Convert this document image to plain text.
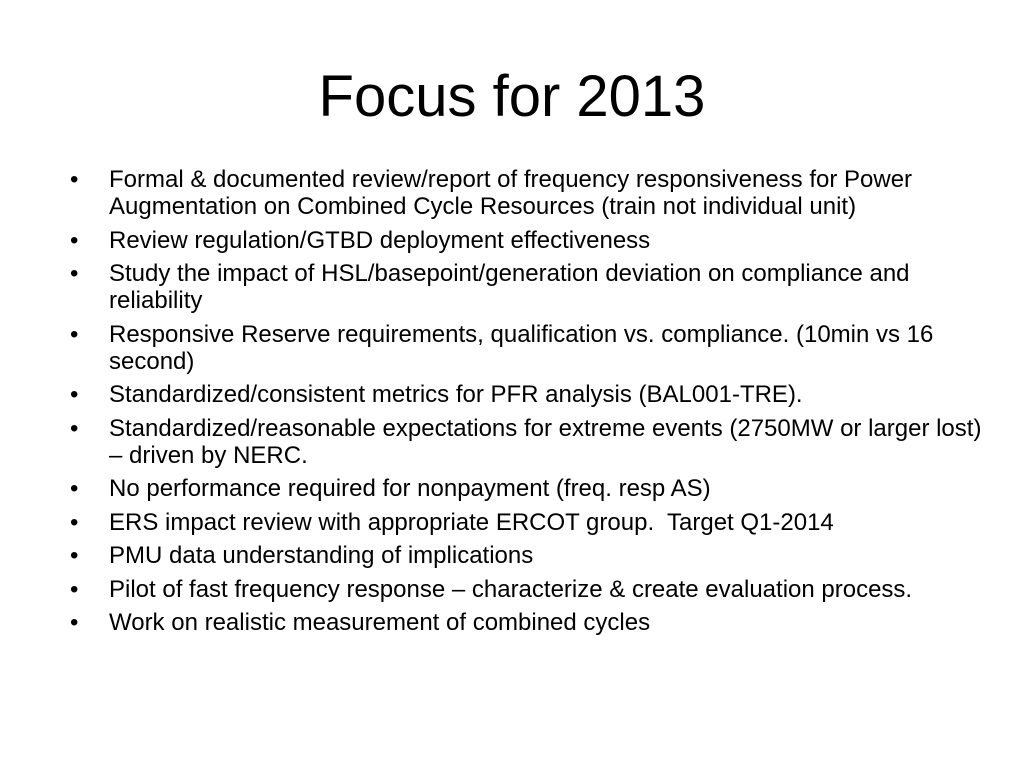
Focus for 2013
•	Formal & documented review/report of frequency responsiveness for Power Augmentation on Combined Cycle Resources (train not individual unit)
•	Review regulation/GTBD deployment effectiveness
•	Study the impact of HSL/basepoint/generation deviation on compliance and reliability
•	Responsive Reserve requirements, qualification vs. compliance. (10min vs 16 second)
•	Standardized/consistent metrics for PFR analysis (BAL001-TRE).
•	Standardized/reasonable expectations for extreme events (2750MW or larger lost) – driven by NERC.
•	No performance required for nonpayment (freq. resp AS)
•	ERS impact review with appropriate ERCOT group.  Target Q1-2014
•	PMU data understanding of implications
•	Pilot of fast frequency response – characterize & create evaluation process.
•	Work on realistic measurement of combined cycles
